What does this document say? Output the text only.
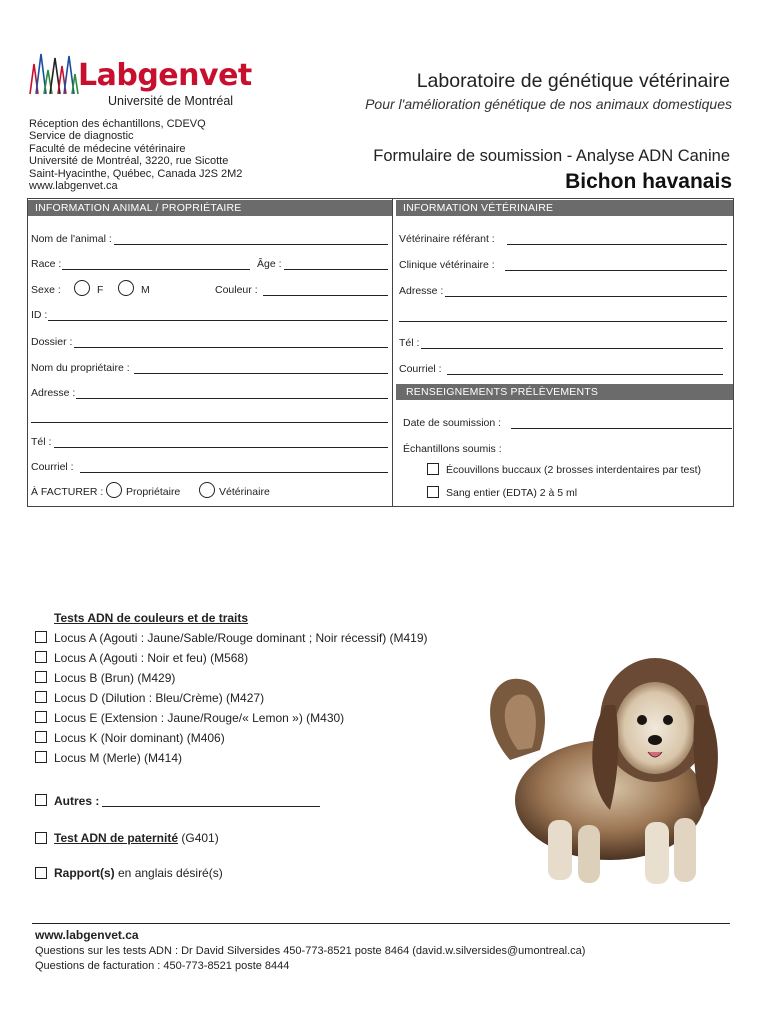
Labgenvet
Université de Montréal
Laboratoire de génétique vétérinaire
Pour l'amélioration génétique de nos animaux domestiques
Réception des échantillons, CDEVQ
Service de diagnostic
Faculté de médecine vétérinaire
Université de Montréal, 3220, rue Sicotte
Saint-Hyacinthe, Québec, Canada J2S 2M2
www.labgenvet.ca
Formulaire de soumission - Analyse ADN Canine
Bichon havanais
INFORMATION ANIMAL / PROPRIÉTAIRE	INFORMATION VÉTÉRINAIRE
Nom de l'animal :
Race :	Âge :
Sexe :	F	M	Couleur :
ID :
Dossier :
Nom du propriétaire :
Adresse :
Tél :
Courriel :
À FACTURER : Propriétaire	Vétérinaire
Vétérinaire référant :
Clinique vétérinaire :
Adresse :
Tél :
Courriel :
RENSEIGNEMENTS PRÉLÈVEMENTS
Date de soumission :
Échantillons soumis :
Écouvillons buccaux (2 brosses interdentaires par test)
Sang entier (EDTA) 2 à 5 ml
Tests ADN de couleurs et de traits
Locus A (Agouti : Jaune/Sable/Rouge dominant ; Noir récessif) (M419)
Locus A (Agouti : Noir et feu) (M568)
Locus B (Brun) (M429)
Locus D (Dilution : Bleu/Crème) (M427)
Locus E (Extension : Jaune/Rouge/« Lemon ») (M430)
Locus K (Noir dominant) (M406)
Locus M (Merle) (M414)
Autres :
Test ADN de paternité (G401)
Rapport(s) en anglais désiré(s)
www.labgenvet.ca
Questions sur les tests ADN : Dr David Silversides 450-773-8521 poste 8464 (david.w.silversides@umontreal.ca)
Questions de facturation : 450-773-8521 poste 8444
